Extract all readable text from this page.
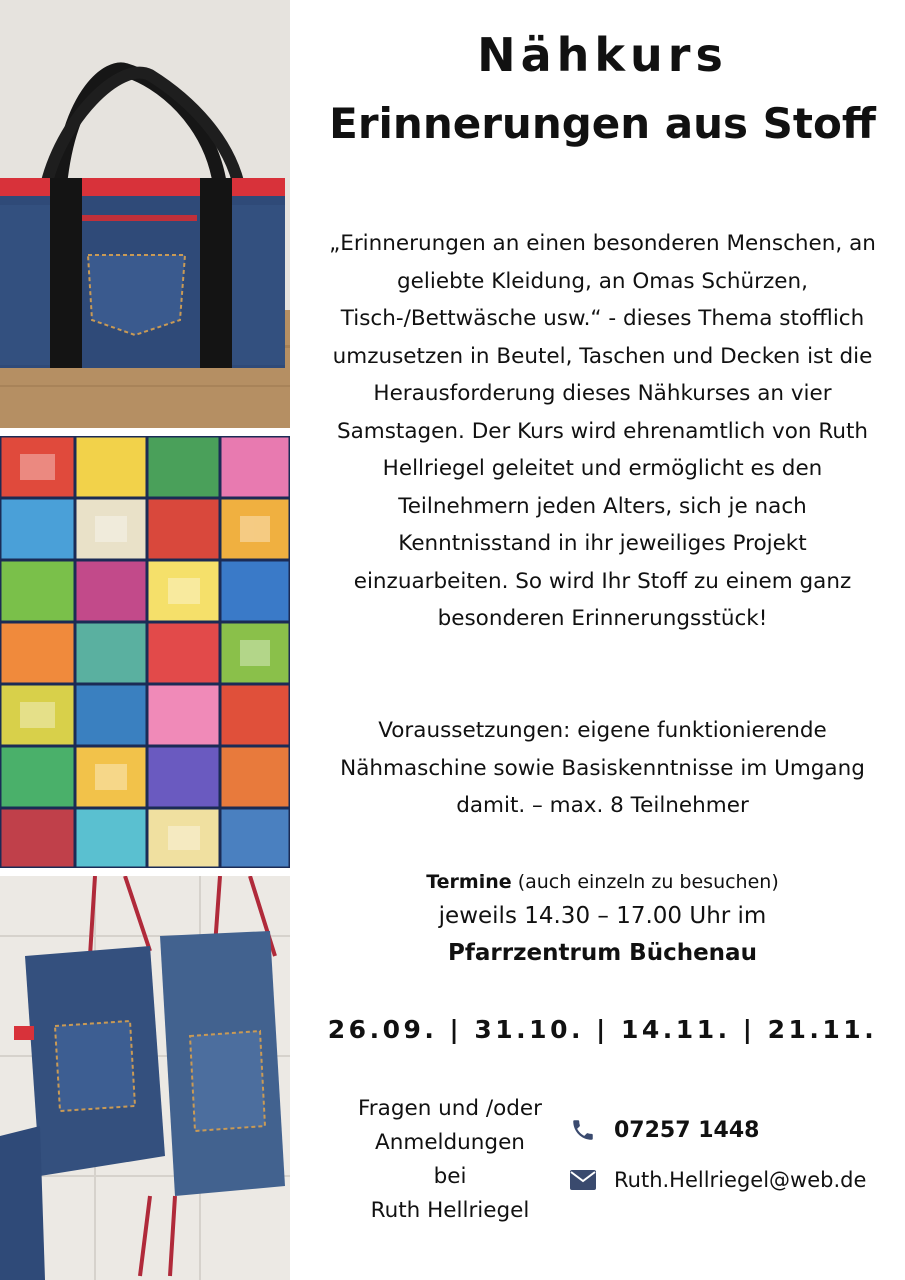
Nähkurs
Erinnerungen aus Stoff
„Erinnerungen an einen besonderen Menschen, an geliebte Kleidung, an Omas Schürzen, Tisch-/Bettwäsche usw.“ - dieses Thema stofflich umzusetzen in Beutel, Taschen und Decken ist die Herausforderung dieses Nähkurses an vier Samstagen. Der Kurs wird ehrenamtlich von Ruth Hellriegel geleitet und ermöglicht es den Teilnehmern jeden Alters, sich je nach Kenntnisstand in ihr jeweiliges Projekt einzuarbeiten. So wird Ihr Stoff zu einem ganz besonderen Erinnerungsstück!
Voraussetzungen: eigene funktionierende Nähmaschine sowie Basiskenntnisse im Umgang damit. – max. 8 Teilnehmer
Termine (auch einzeln zu besuchen)
jeweils 14.30 – 17.00 Uhr im
Pfarrzentrum Büchenau
26.09. | 31.10. | 14.11. | 21.11.
Fragen und /oder
Anmeldungen
bei
Ruth Hellriegel
07257 1448
Ruth.Hellriegel@web.de
